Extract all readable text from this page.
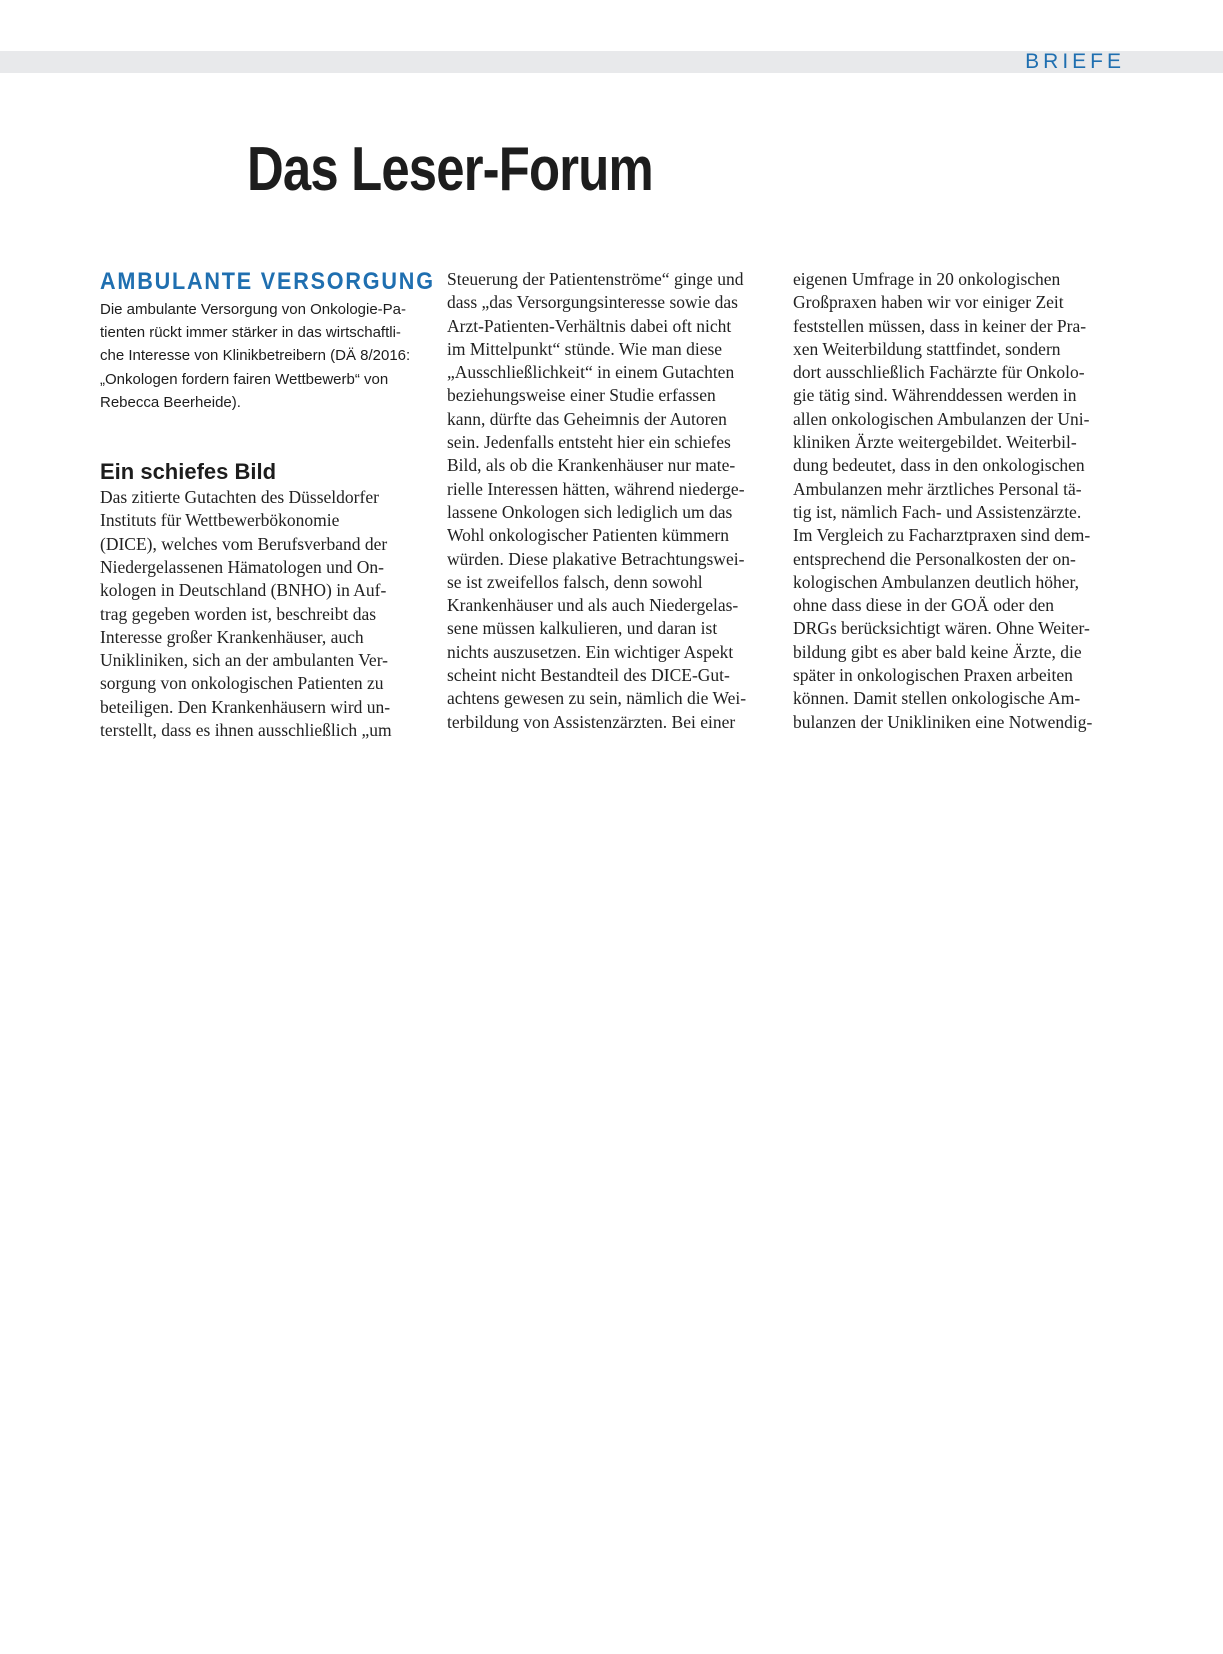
BRIEFE
Das Leser-Forum
AMBULANTE VERSORGUNG

Die ambulante Versorgung von Onkologie-Pa-
tienten rückt immer stärker in das wirtschaftli-
che Interesse von Klinikbetreibern (DÄ 8/2016:
„Onkologen fordern fairen Wettbewerb“ von
Rebecca Beerheide).

Ein schiefes Bild

Das zitierte Gutachten des Düsseldorfer
Instituts für Wettbewerbökonomie
(DICE), welches vom Berufsverband der
Niedergelassenen Hämatologen und On-
kologen in Deutschland (BNHO) in Auf-
trag gegeben worden ist, beschreibt das
Interesse großer Krankenhäuser, auch
Unikliniken, sich an der ambulanten Ver-
sorgung von onkologischen Patienten zu
beteiligen. Den Krankenhäusern wird un-
terstellt, dass es ihnen ausschließlich „um

Steuerung der Patientenströme“ ginge und
dass „das Versorgungsinteresse sowie das
Arzt-Patienten-Verhältnis dabei oft nicht
im Mittelpunkt“ stünde. Wie man diese
„Ausschließlichkeit“ in einem Gutachten
beziehungsweise einer Studie erfassen
kann, dürfte das Geheimnis der Autoren
sein. Jedenfalls entsteht hier ein schiefes
Bild, als ob die Krankenhäuser nur mate-
rielle Interessen hätten, während niederge-
lassene Onkologen sich lediglich um das
Wohl onkologischer Patienten kümmern
würden. Diese plakative Betrachtungswei-
se ist zweifellos falsch, denn sowohl
Krankenhäuser und als auch Niedergelas-
sene müssen kalkulieren, und daran ist
nichts auszusetzen. Ein wichtiger Aspekt
scheint nicht Bestandteil des DICE-Gut-
achtens gewesen zu sein, nämlich die Wei-
terbildung von Assistenzärzten. Bei einer

eigenen Umfrage in 20 onkologischen
Großpraxen haben wir vor einiger Zeit
feststellen müssen, dass in keiner der Pra-
xen Weiterbildung stattfindet, sondern
dort ausschließlich Fachärzte für Onkolo-
gie tätig sind. Währenddessen werden in
allen onkologischen Ambulanzen der Uni-
kliniken Ärzte weitergebildet. Weiterbil-
dung bedeutet, dass in den onkologischen
Ambulanzen mehr ärztliches Personal tä-
tig ist, nämlich Fach- und Assistenzärzte.
Im Vergleich zu Facharztpraxen sind dem-
entsprechend die Personalkosten der on-
kologischen Ambulanzen deutlich höher,
ohne dass diese in der GOÄ oder den
DRGs berücksichtigt wären. Ohne Weiter-
bildung gibt es aber bald keine Ärzte, die
später in onkologischen Praxen arbeiten
können. Damit stellen onkologische Am-
bulanzen der Unikliniken eine Notwendig-
